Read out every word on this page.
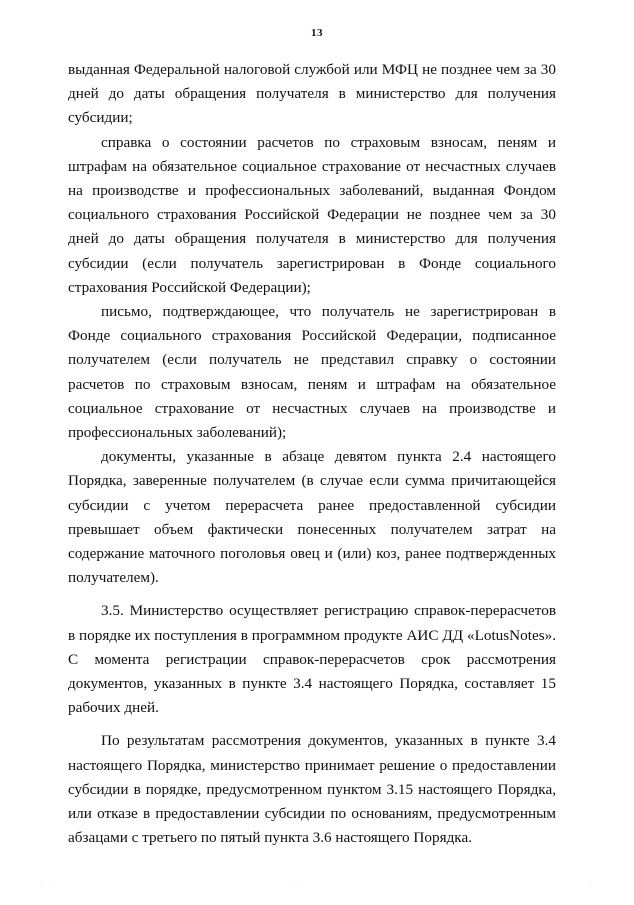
13

выданная Федеральной налоговой службой или МФЦ не позднее чем за 30 дней до даты обращения получателя в министерство для получения субсидии;

справка о состоянии расчетов по страховым взносам, пеням и штрафам на обязательное социальное страхование от несчастных случаев на производстве и профессиональных заболеваний, выданная Фондом социального страхования Российской Федерации не позднее чем за 30 дней до даты обращения получателя в министерство для получения субсидии (если получатель зарегистрирован в Фонде социального страхования Российской Федерации);

письмо, подтверждающее, что получатель не зарегистрирован в Фонде социального страхования Российской Федерации, подписанное получателем (если получатель не представил справку о состоянии расчетов по страховым взносам, пеням и штрафам на обязательное социальное страхование от несчастных случаев на производстве и профессиональных заболеваний);

документы, указанные в абзаце девятом пункта 2.4 настоящего Порядка, заверенные получателем (в случае если сумма причитающейся субсидии с учетом перерасчета ранее предоставленной субсидии превышает объем фактически понесенных получателем затрат на содержание маточного поголовья овец и (или) коз, ранее подтвержденных получателем).

3.5. Министерство осуществляет регистрацию справок-перерасчетов в порядке их поступления в программном продукте АИС ДД «LotusNotes». С момента регистрации справок-перерасчетов срок рассмотрения документов, указанных в пункте 3.4 настоящего Порядка, составляет 15 рабочих дней.

По результатам рассмотрения документов, указанных в пункте 3.4 настоящего Порядка, министерство принимает решение о предоставлении субсидии в порядке, предусмотренном пунктом 3.15 настоящего Порядка, или отказе в предоставлении субсидии по основаниям, предусмотренным абзацами с третьего по пятый пункта 3.6 настоящего Порядка.

· · ·	· ·	·
